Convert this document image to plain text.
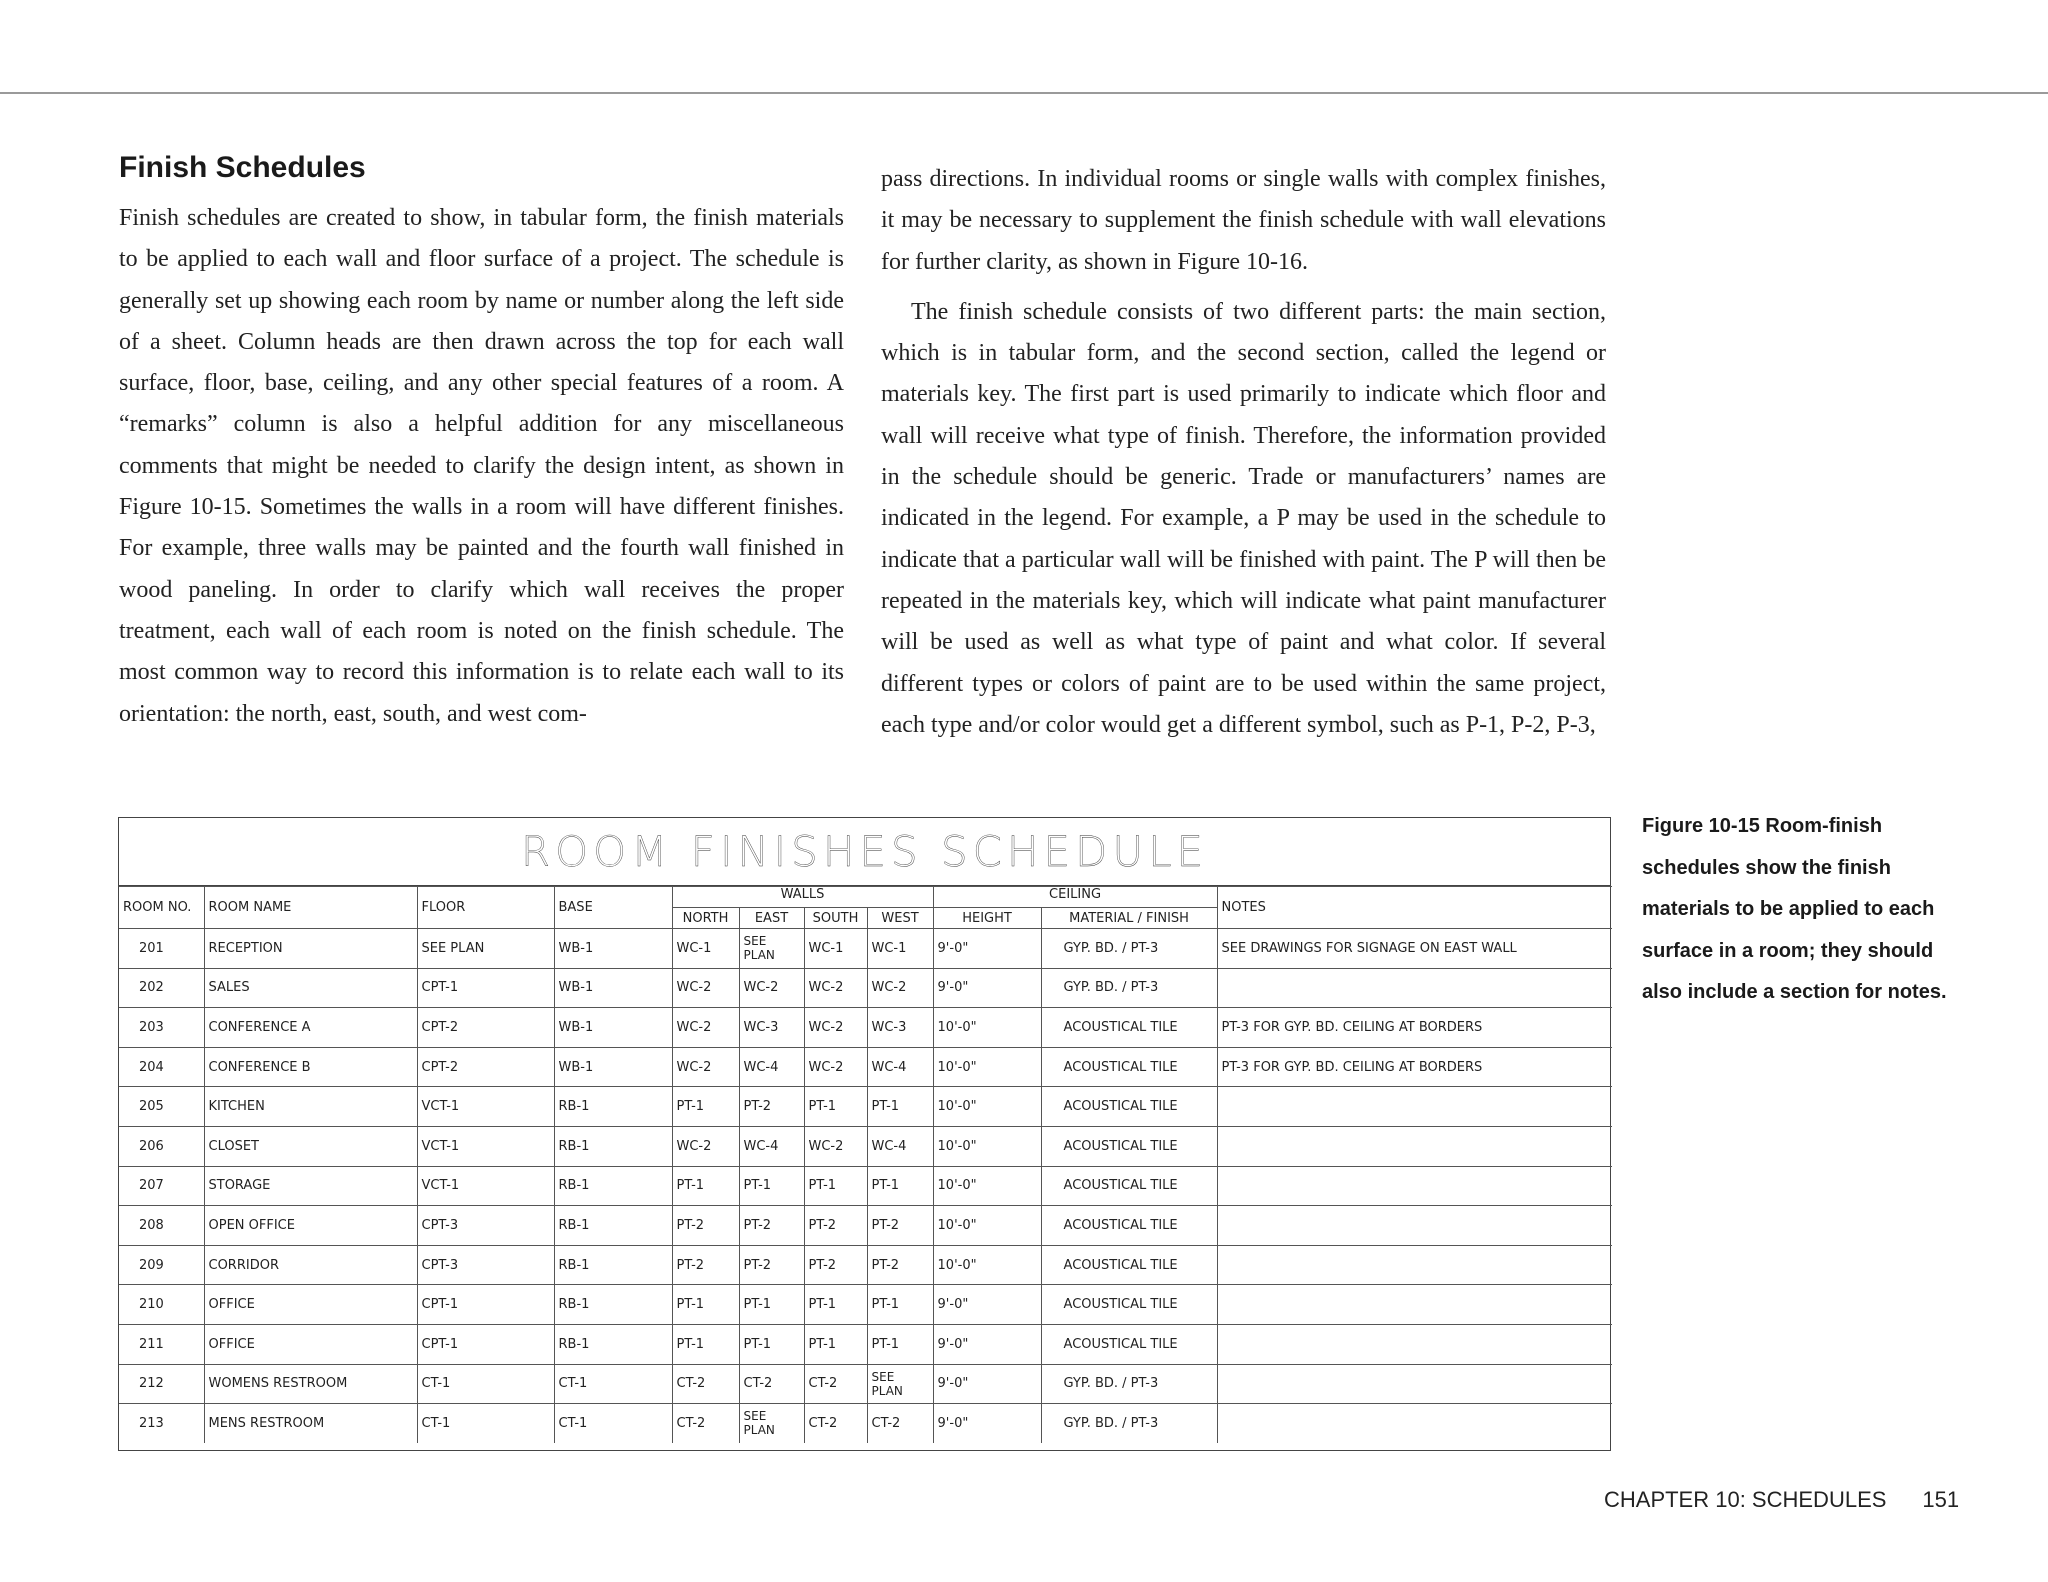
Finish Schedules

Finish schedules are created to show, in tabular form, the finish materials to be applied to each wall and floor surface of a project. The schedule is generally set up showing each room by name or number along the left side of a sheet. Column heads are then drawn across the top for each wall surface, floor, base, ceiling, and any other special features of a room. A “remarks” column is also a helpful addition for any miscellaneous comments that might be needed to clarify the design intent, as shown in Figure 10-15. Sometimes the walls in a room will have different finishes. For example, three walls may be painted and the fourth wall finished in wood paneling. In order to clarify which wall receives the proper treatment, each wall of each room is noted on the finish schedule. The most common way to record this information is to relate each wall to its orientation: the north, east, south, and west com-

pass directions. In individual rooms or single walls with complex finishes, it may be necessary to supplement the finish schedule with wall elevations for further clarity, as shown in Figure 10-16.

The finish schedule consists of two different parts: the main section, which is in tabular form, and the second section, called the legend or materials key. The first part is used primarily to indicate which floor and wall will receive what type of finish. Therefore, the information provided in the schedule should be generic. Trade or manufacturers’ names are indicated in the legend. For example, a P may be used in the schedule to indicate that a particular wall will be finished with paint. The P will then be repeated in the materials key, which will indicate what paint manufacturer will be used as well as what type of paint and what color. If several different types or colors of paint are to be used within the same project, each type and/or color would get a different symbol, such as P-1, P-2, P-3,

ROOM FINISHES SCHEDULE
ROOM NO.	ROOM NAME	FLOOR	BASE	WALLS				CEILING		NOTES
				NORTH	EAST	SOUTH	WEST	HEIGHT	MATERIAL / FINISH	
201	RECEPTION	SEE PLAN	WB-1	WC-1	SEE PLAN	WC-1	WC-1	9'-0"	GYP. BD. / PT-3	SEE DRAWINGS FOR SIGNAGE ON EAST WALL
202	SALES	CPT-1	WB-1	WC-2	WC-2	WC-2	WC-2	9'-0"	GYP. BD. / PT-3	
203	CONFERENCE A	CPT-2	WB-1	WC-2	WC-3	WC-2	WC-3	10'-0"	ACOUSTICAL TILE	PT-3 FOR GYP. BD. CEILING AT BORDERS
204	CONFERENCE B	CPT-2	WB-1	WC-2	WC-4	WC-2	WC-4	10'-0"	ACOUSTICAL TILE	PT-3 FOR GYP. BD. CEILING AT BORDERS
205	KITCHEN	VCT-1	RB-1	PT-1	PT-2	PT-1	PT-1	10'-0"	ACOUSTICAL TILE	
206	CLOSET	VCT-1	RB-1	WC-2	WC-4	WC-2	WC-4	10'-0"	ACOUSTICAL TILE	
207	STORAGE	VCT-1	RB-1	PT-1	PT-1	PT-1	PT-1	10'-0"	ACOUSTICAL TILE	
208	OPEN OFFICE	CPT-3	RB-1	PT-2	PT-2	PT-2	PT-2	10'-0"	ACOUSTICAL TILE	
209	CORRIDOR	CPT-3	RB-1	PT-2	PT-2	PT-2	PT-2	10'-0"	ACOUSTICAL TILE	
210	OFFICE	CPT-1	RB-1	PT-1	PT-1	PT-1	PT-1	9'-0"	ACOUSTICAL TILE	
211	OFFICE	CPT-1	RB-1	PT-1	PT-1	PT-1	PT-1	9'-0"	ACOUSTICAL TILE	
212	WOMENS RESTROOM	CT-1	CT-1	CT-2	CT-2	CT-2	SEE PLAN	9'-0"	GYP. BD. / PT-3	
213	MENS RESTROOM	CT-1	CT-1	CT-2	SEE PLAN	CT-2	CT-2	9'-0"	GYP. BD. / PT-3	
Figure 10-15 Room-finish schedules show the finish materials to be applied to each surface in a room; they should also include a section for notes.
CHAPTER 10: SCHEDULES 151
